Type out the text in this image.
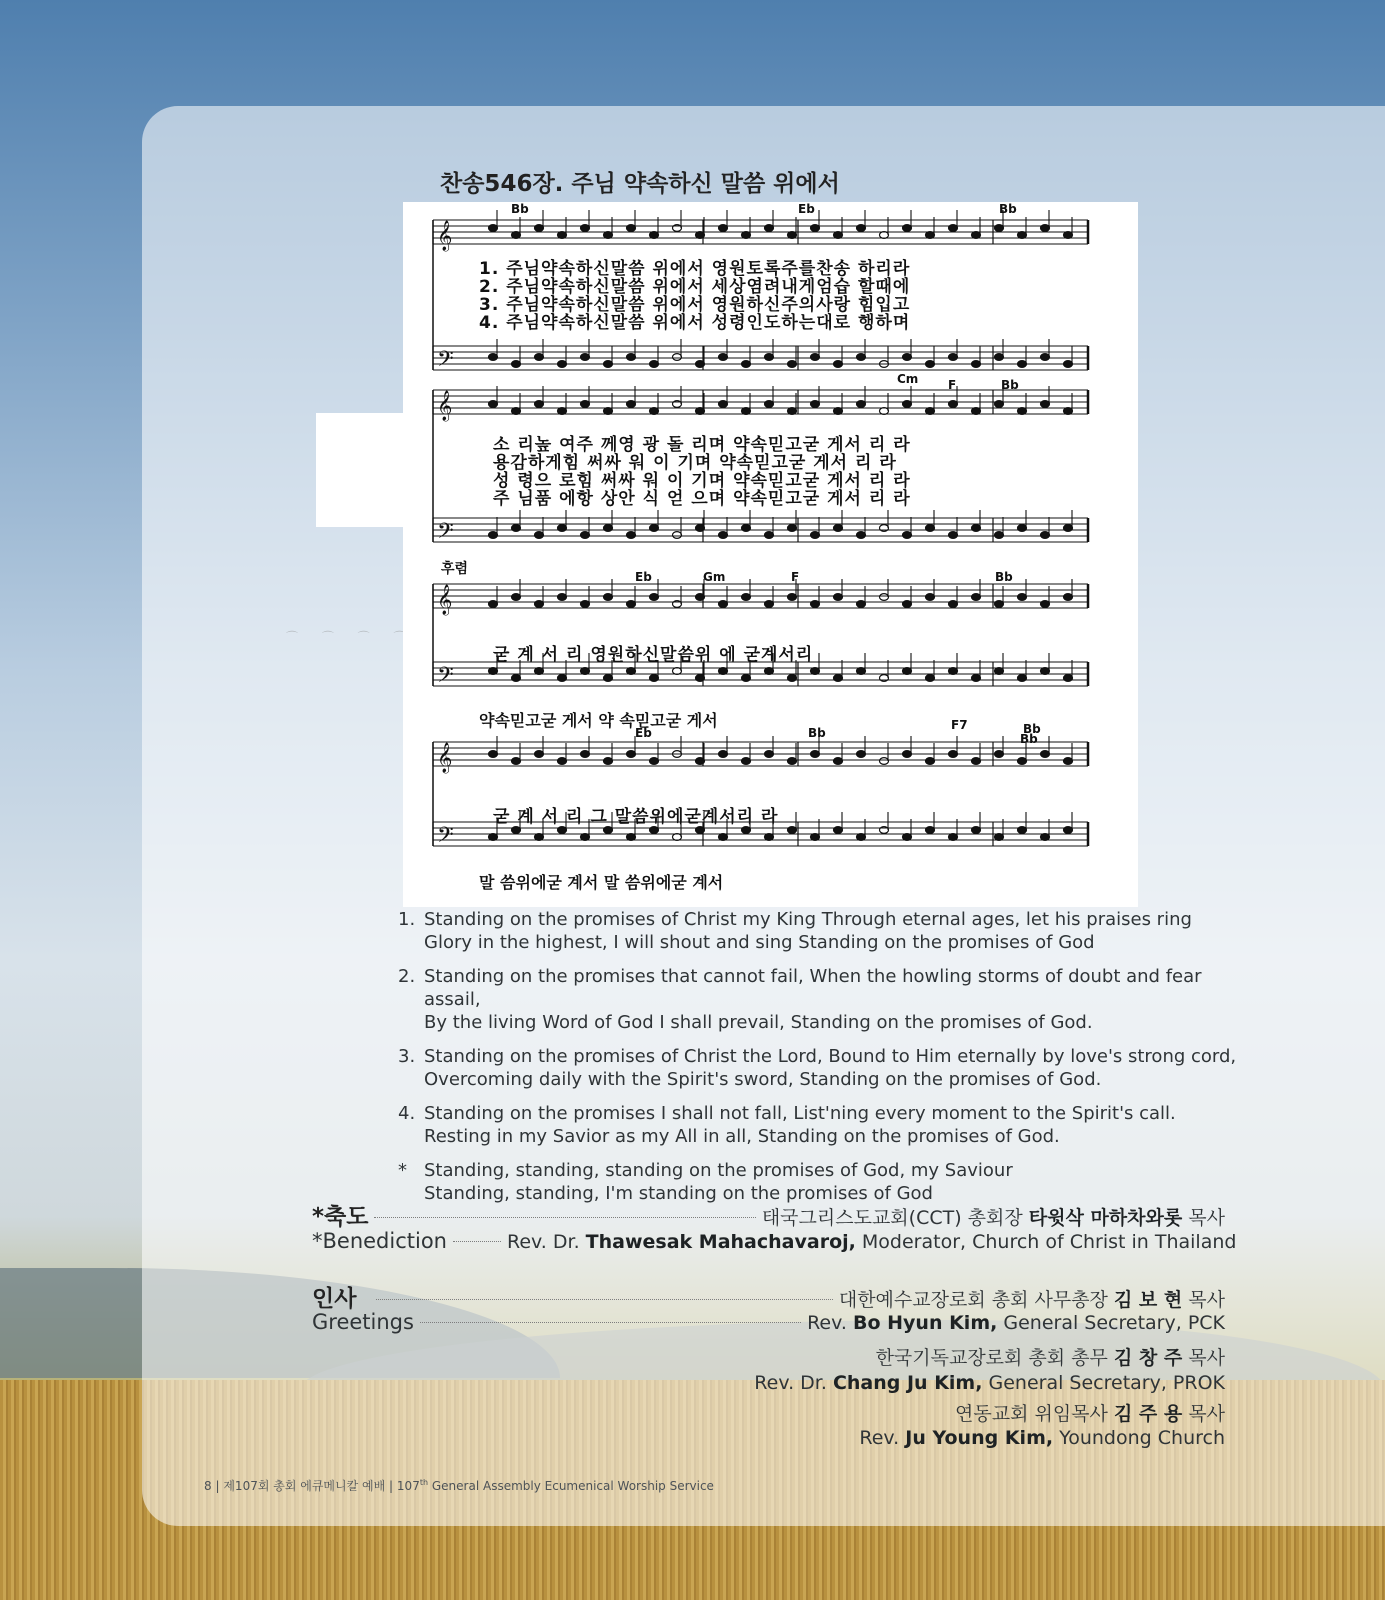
찬송546장. 주님 약속하신 말씀 위에서
𝄞
𝄢
𝄞
𝄢
𝄞
𝄢
𝄞
𝄢
1. 주님약속하신말씀 위에서 영원토록주를찬송 하리라
2. 주님약속하신말씀 위에서 세상염려내게엄습 할때에
3. 주님약속하신말씀 위에서 영원하신주의사랑 힘입고
4. 주님약속하신말씀 위에서 성령인도하는대로 행하며
소 리높 여주 께영 광 돌 리며 약속믿고굳 게서 리 라
용감하게힘 써싸 워 이 기며 약속믿고굳 게서 리 라
성 령으 로힘 써싸 워 이 기며 약속믿고굳 게서 리 라
주 님품 에항 상안 식 얻 으며 약속믿고굳 게서 리 라
후렴
굳 계 서 리 영원하신말씀위 에 굳계서리
약속믿고굳 게서 약 속믿고굳 게서
굳 계 서 리 그 말씀위에굳계서리 라
말 씀위에굳 계서 말 씀위에굳 계서
Bb	Eb	Bb
Cm F	Bb
Eb	Gm	F	Bb
Bb
Eb	Bb
F7	Bb
1. Standing on the promises of Christ my King Through eternal ages, let his praises ring

Glory in the highest, I will shout and sing Standing on the promises of God

2. Standing on the promises that cannot fail, When the howling storms of doubt and fear assail,

By the living Word of God I shall prevail, Standing on the promises of God.

3. Standing on the promises of Christ the Lord, Bound to Him eternally by love's strong cord,

Overcoming daily with the Spirit's sword, Standing on the promises of God.

4. Standing on the promises I shall not fall, List'ning every moment to the Spirit's call.

Resting in my Savior as my All in all, Standing on the promises of God.

* Standing, standing, standing on the promises of God, my Saviour

Standing, standing, I'm standing on the promises of God

*축도	태국그리스도교회(CCT) 총회장 타윗삭 마하차와롯 목사
*Benediction	Rev. Dr. Thawesak Mahachavaroj, Moderator, Church of Christ in Thailand
인사	대한예수교장로회 총회 사무총장 김 보 현 목사
Greetings	Rev. Bo Hyun Kim, General Secretary, PCK
한국기독교장로회 총회 총무 김 창 주 목사
Rev. Dr. Chang Ju Kim, General Secretary, PROK
연동교회 위임목사 김 주 용 목사
Rev. Ju Young Kim, Youndong Church
8 | 제107회 총회 에큐메니칼 예배 | 107th General Assembly Ecumenical Worship Service
